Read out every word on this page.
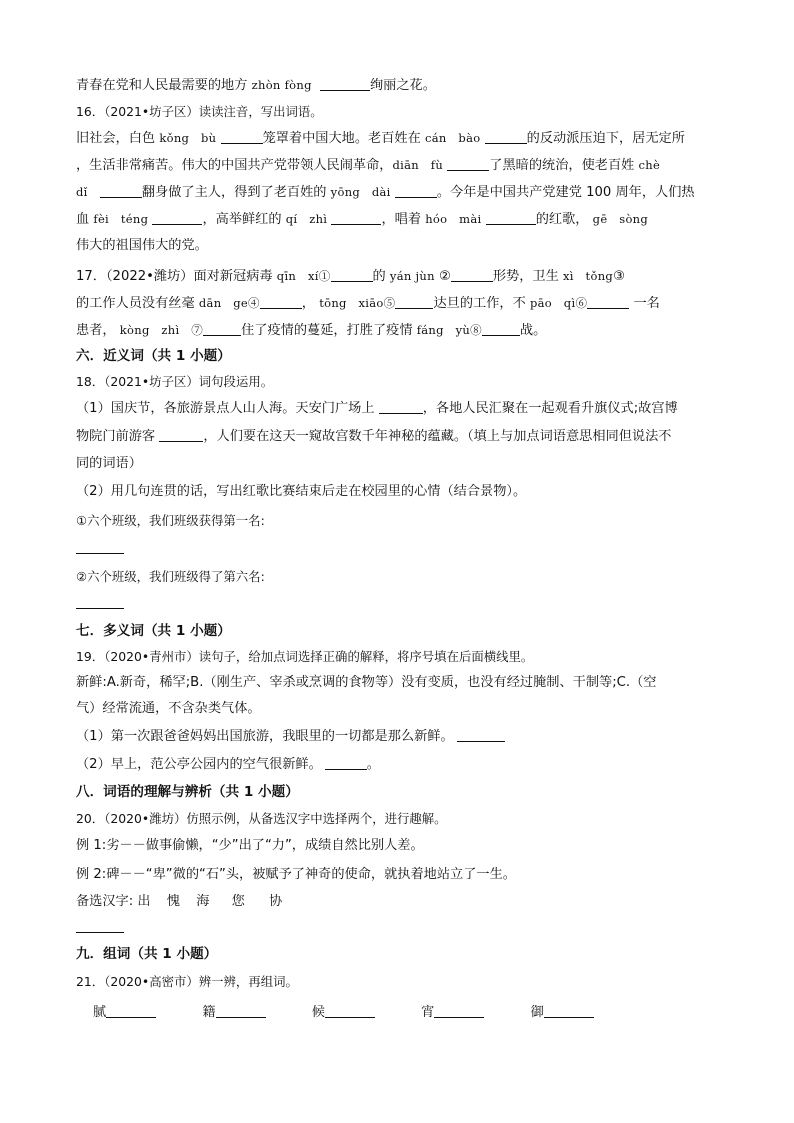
青春在党和人民最需要的地方 zhòn fòng	绚丽之花。
16．（2021•坊子区）读读注音，写出词语。
旧社会，白色 kǒng　bù	笼罩着中国大地。老百姓在 cán　bào	的反动派压迫下，居无定所
，生活非常痛苦。伟大的中国共产党带领人民闹革命，diān　fù	了黑暗的统治，使老百姓 chè
dǐ	翻身做了主人，得到了老百姓的 yōng　dài	。今年是中国共产党建党 100 周年，人们热
血 fèi　téng	，高举鲜红的 qí　zhì	，唱着 hóo　mài	的红歌， gē　sòng
伟大的祖国伟大的党。
17．（2022•潍坊）面对新冠病毒 qīn　xí①	的 yán jùn ②	形势，卫生 xì　tǒng③
的工作人员没有丝毫 dān　ge④	， tōng　xiāo⑤	达旦的工作，不 pāo　qì⑥	一名
患者， kòng　zhì　⑦	住了疫情的蔓延，打胜了疫情 fáng　yù⑧	战。
六．近义词（共 1 小题）
18．（2021•坊子区）词句段运用。
（1）国庆节，各旅游景点人山人海。天安门广场上	，各地人民汇聚在一起观看升旗仪式;故宫博
物院门前游客	，人们要在这天一窥故宫数千年神秘的蕴藏。（填上与加点词语意思相同但说法不
同的词语）
（2）用几句连贯的话，写出红歌比赛结束后走在校园里的心情（结合景物）。
①六个班级，我们班级获得第一名:
②六个班级，我们班级得了第六名:
七．多义词（共 1 小题）
19．（2020•青州市）读句子，给加点词选择正确的解释，将序号填在后面横线里。
新鲜:A.新奇，稀罕;B.（刚生产、宰杀或烹调的食物等）没有变质，也没有经过腌制、干制等;C.（空
气）经常流通，不含杂类气体。
（1）第一次跟爸爸妈妈出国旅游，我眼里的一切都是那么新鲜。
（2）早上，范公亭公园内的空气很新鲜。	。
八．词语的理解与辨析（共 1 小题）
20．（2020•潍坊）仿照示例，从备选汉字中选择两个，进行趣解。
例 1:劣－－做事偷懒，“少”出了“力”，成绩自然比别人差。
例 2:碑－－“卑”微的“石”头，被赋予了神奇的使命，就执着地站立了一生。
备选汉字: 出 愧 海 您 协
九．组词（共 1 小题）
21．（2020•高密市）辨一辨，再组词。
腻	籍	候	宵	御
